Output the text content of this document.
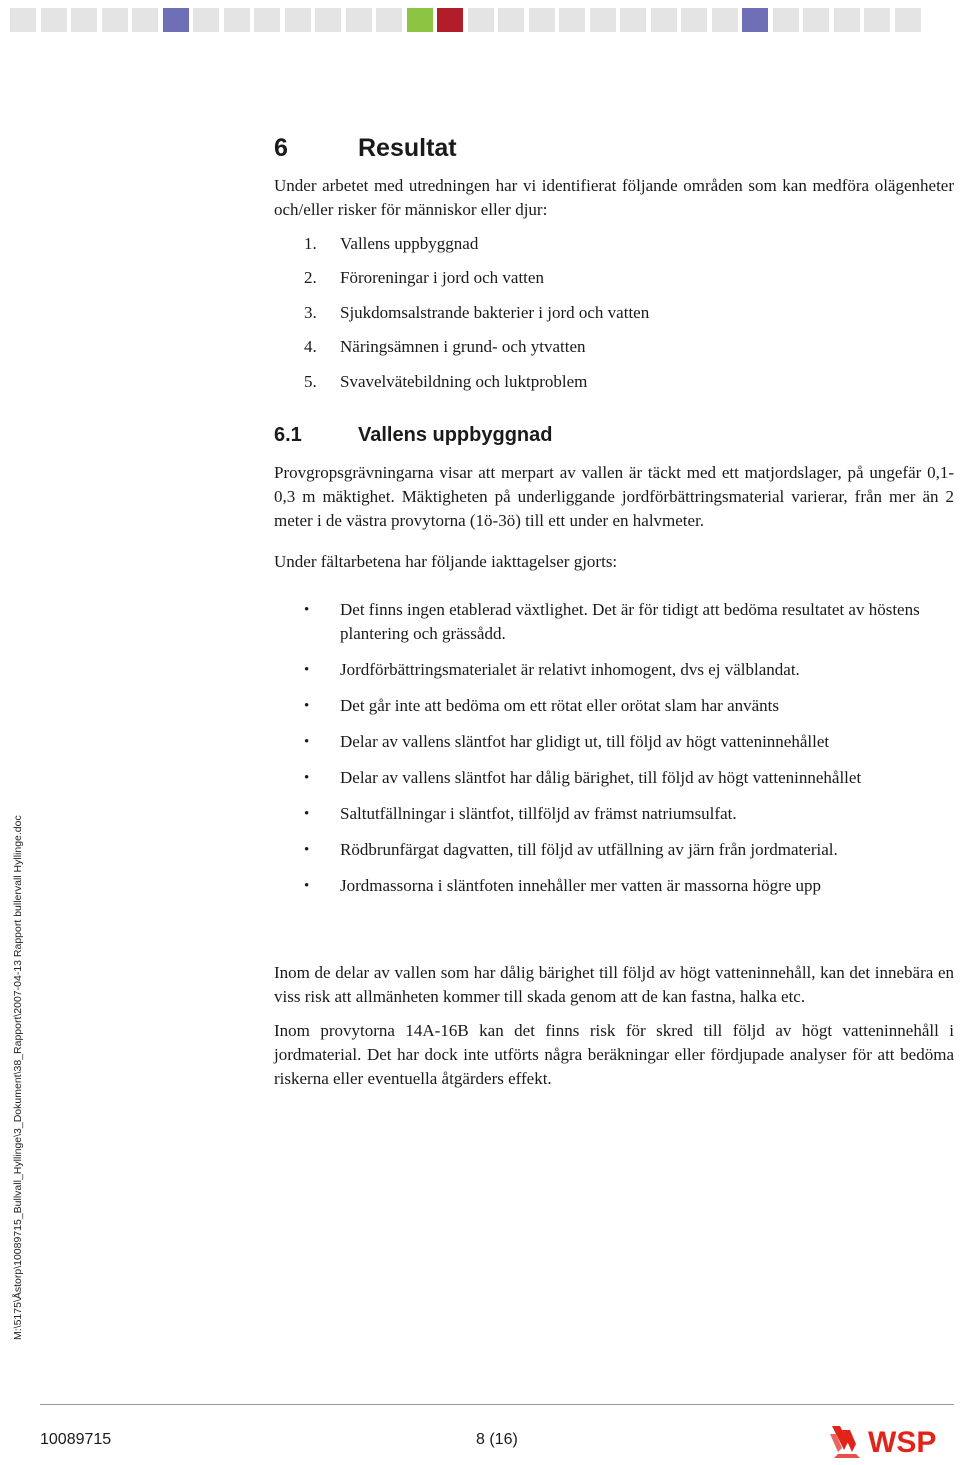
M:\5175\Åstorp\10089715_Bullvall_Hyllinge\3_Dokument\38_Rapport\2007-04-13 Rapport bullervall Hyllinge.doc
6	Resultat

Under arbetet med utredningen har vi identifierat följande områden som kan medföra olägenheter och/eller risker för människor eller djur:

1.	Vallens uppbyggnad
2.	Föroreningar i jord och vatten
3.	Sjukdomsalstrande bakterier i jord och vatten
4.	Näringsämnen i grund- och ytvatten
5.	Svavelvätebildning och luktproblem
6.1	Vallens uppbyggnad

Provgropsgrävningarna visar att merpart av vallen är täckt med ett matjordslager, på ungefär 0,1-0,3 m mäktighet. Mäktigheten på underliggande jordförbättringsmaterial varierar, från mer än 2 meter i de västra provytorna (1ö-3ö) till ett under en halvmeter.

Under fältarbetena har följande iakttagelser gjorts:

• Det finns ingen etablerad växtlighet. Det är för tidigt att bedöma resultatet av höstens plantering och grässådd.
• Jordförbättringsmaterialet är relativt inhomogent, dvs ej välblandat.
• Det går inte att bedöma om ett rötat eller orötat slam har använts
• Delar av vallens släntfot har glidigt ut, till följd av högt vatteninnehållet
• Delar av vallens släntfot har dålig bärighet, till följd av högt vatteninnehållet
• Saltutfällningar i släntfot, tillföljd av främst natriumsulfat.
• Rödbrunfärgat dagvatten, till följd av utfällning av järn från jordmaterial.
• Jordmassorna i släntfoten innehåller mer vatten är massorna högre upp

Inom de delar av vallen som har dålig bärighet till följd av högt vatteninnehåll, kan det innebära en viss risk att allmänheten kommer till skada genom att de kan fastna, halka etc.

Inom provytorna 14A-16B kan det finns risk för skred till följd av högt vatteninnehåll i jordmaterial. Det har dock inte utförts några beräkningar eller fördjupade analyser för att bedöma riskerna eller eventuella åtgärders effekt.

10089715	8 (16)	WSP
